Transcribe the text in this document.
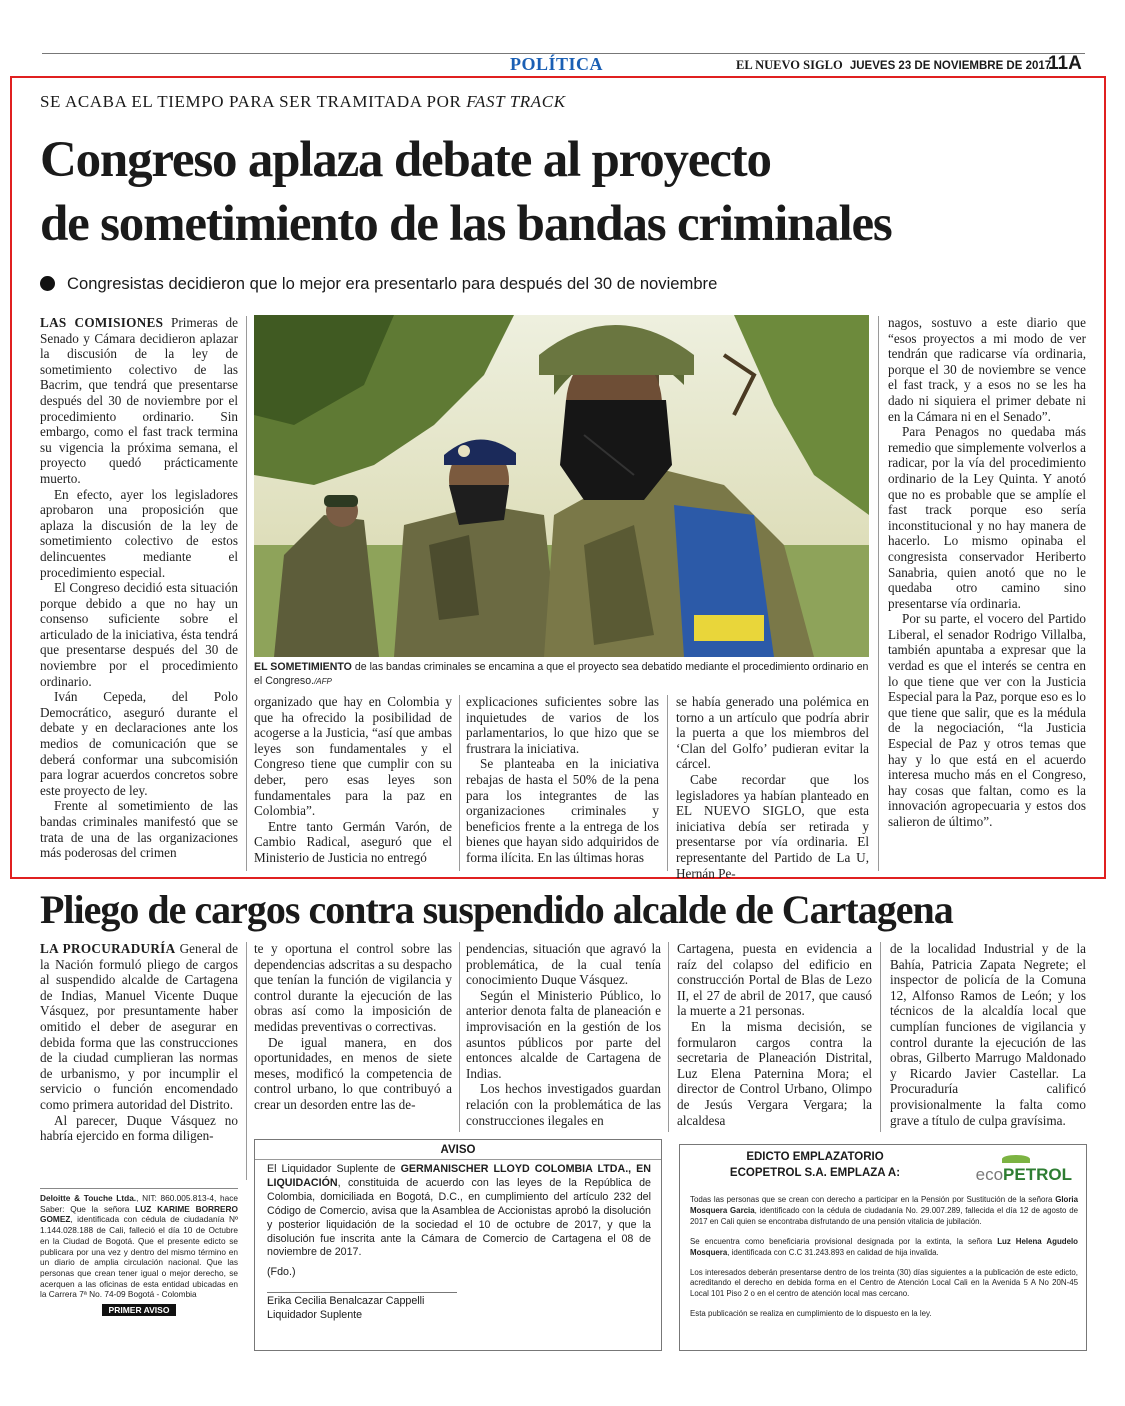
POLÍTICA	EL NUEVO SIGLO JUEVES 23 DE NOVIEMBRE DE 2017
11A
SE ACABA EL TIEMPO PARA SER TRAMITADA POR FAST TRACK
Congreso aplaza debate al proyecto
de sometimiento de las bandas criminales
Congresistas decidieron que lo mejor era presentarlo para después del 30 de noviembre

LAS COMISIONES Primeras de Senado y Cámara decidieron aplazar la discusión de la ley de sometimiento colectivo de las Bacrim, que tendrá que presentarse después del 30 de noviembre por el procedimiento ordinario. Sin embargo, como el fast track termina su vigencia la próxima semana, el proyecto quedó prácticamente muerto.

En efecto, ayer los legisladores aprobaron una proposición que aplaza la discusión de la ley de sometimiento colectivo de estos delincuentes mediante el procedimiento especial.

El Congreso decidió esta situación porque debido a que no hay un consenso suficiente sobre el articulado de la iniciativa, ésta tendrá que presentarse después del 30 de noviembre por el procedimiento ordinario.

Iván Cepeda, del Polo Democrático, aseguró durante el debate y en declaraciones ante los medios de comunicación que se deberá conformar una subcomisión para lograr acuerdos concretos sobre este proyecto de ley.

Frente al sometimiento de las bandas criminales manifestó que se trata de una de las organizaciones más poderosas del crimen

EL SOMETIMIENTO de las bandas criminales se encamina a que el proyecto sea debatido mediante el procedimiento ordinario en el Congreso./AFP

organizado que hay en Colombia y que ha ofrecido la posibilidad de acogerse a la Justicia, “así que ambas leyes son fundamentales y el Congreso tiene que cumplir con su deber, pero esas leyes son fundamentales para la paz en Colombia”.

Entre tanto Germán Varón, de Cambio Radical, aseguró que el Ministerio de Justicia no entregó

explicaciones suficientes sobre las inquietudes de varios de los parlamentarios, lo que hizo que se frustrara la iniciativa.

Se planteaba en la iniciativa rebajas de hasta el 50% de la pena para los integrantes de las organizaciones criminales y beneficios frente a la entrega de los bienes que hayan sido adquiridos de forma ilícita. En las últimas horas

se había generado una polémica en torno a un artículo que podría abrir la puerta a que los miembros del ‘Clan del Golfo’ pudieran evitar la cárcel.

Cabe recordar que los legisladores ya habían planteado en EL NUEVO SIGLO, que esta iniciativa debía ser retirada y presentarse por vía ordinaria. El representante del Partido de La U, Hernán Pe-

nagos, sostuvo a este diario que “esos proyectos a mi modo de ver tendrán que radicarse vía ordinaria, porque el 30 de noviembre se vence el fast track, y a esos no se les ha dado ni siquiera el primer debate ni en la Cámara ni en el Senado”.

Para Penagos no quedaba más remedio que simplemente volverlos a radicar, por la vía del procedimiento ordinario de la Ley Quinta. Y anotó que no es probable que se amplíe el fast track porque eso sería inconstitucional y no hay manera de hacerlo. Lo mismo opinaba el congresista conservador Heriberto Sanabria, quien anotó que no le quedaba otro camino sino presentarse vía ordinaria.

Por su parte, el vocero del Partido Liberal, el senador Rodrigo Villalba, también apuntaba a expresar que la verdad es que el interés se centra en lo que tiene que ver con la Justicia Especial para la Paz, porque eso es lo que tiene que salir, que es la médula de la negociación, “la Justicia Especial de Paz y otros temas que hay y lo que está en el acuerdo interesa mucho más en el Congreso, hay cosas que faltan, como es la innovación agropecuaria y estos dos salieron de último”.

Pliego de cargos contra suspendido alcalde de Cartagena

LA PROCURADURÍA General de la Nación formuló pliego de cargos al suspendido alcalde de Cartagena de Indias, Manuel Vicente Duque Vásquez, por presuntamente haber omitido el deber de asegurar en debida forma que las construcciones de la ciudad cumplieran las normas de urbanismo, y por incumplir el servicio o función encomendado como primera autoridad del Distrito.

Al parecer, Duque Vásquez no habría ejercido en forma diligen-

te y oportuna el control sobre las dependencias adscritas a su despacho que tenían la función de vigilancia y control durante la ejecución de las obras así como la imposición de medidas preventivas o correctivas.

De igual manera, en dos oportunidades, en menos de siete meses, modificó la competencia de control urbano, lo que contribuyó a crear un desorden entre las de-

pendencias, situación que agravó la problemática, de la cual tenía conocimiento Duque Vásquez.

Según el Ministerio Público, lo anterior denota falta de planeación e improvisación en la gestión de los asuntos públicos por parte del entonces alcalde de Cartagena de Indias.

Los hechos investigados guardan relación con la problemática de las construcciones ilegales en

Cartagena, puesta en evidencia a raíz del colapso del edificio en construcción Portal de Blas de Lezo II, el 27 de abril de 2017, que causó la muerte a 21 personas.

En la misma decisión, se formularon cargos contra la secretaria de Planeación Distrital, Luz Elena Paternina Mora; el director de Control Urbano, Olimpo de Jesús Vergara Vergara; la alcaldesa

de la localidad Industrial y de la Bahía, Patricia Zapata Negrete; el inspector de policía de la Comuna 12, Alfonso Ramos de León; y los técnicos de la alcaldía local que cumplían funciones de vigilancia y control durante la ejecución de las obras, Gilberto Marrugo Maldonado y Ricardo Javier Castellar. La Procuraduría calificó provisionalmente la falta como grave a título de culpa gravísima.

Deloitte & Touche Ltda., NIT: 860.005.813-4, hace Saber: Que la señora LUZ KARIME BORRERO GOMEZ, identificada con cédula de ciudadanía Nº 1.144.028.188 de Cali, falleció el día 10 de Octubre en la Ciudad de Bogotá. Que el presente edicto se publicara por una vez y dentro del mismo término en un diario de amplia circulación nacional. Que las personas que crean tener igual o mejor derecho, se acerquen a las oficinas de esta entidad ubicadas en la Carrera 7ª No. 74-09 Bogotá - Colombia
PRIMER AVISO
AVISO
El Liquidador Suplente de GERMANISCHER LLOYD COLOMBIA LTDA., EN LIQUIDACIÓN, constituida de acuerdo con las leyes de la República de Colombia, domiciliada en Bogotá, D.C., en cumplimiento del artículo 232 del Código de Comercio, avisa que la Asamblea de Accionistas aprobó la disolución y posterior liquidación de la sociedad el 10 de octubre de 2017, y que la disolución fue inscrita ante la Cámara de Comercio de Cartagena el 08 de noviembre de 2017.
(Fdo.)
Erika Cecilia Benalcazar Cappelli
Liquidador Suplente
EDICTO EMPLAZATORIO
ECOPETROL S.A. EMPLAZA A:	ecoPETROL
Todas las personas que se crean con derecho a participar en la Pensión por Sustitución de la señora Gloria Mosquera Garcia, identificado con la cédula de ciudadanía No. 29.007.289, fallecida el día 12 de agosto de 2017 en Cali quien se encontraba disfrutando de una pensión vitalicia de jubilación.
Se encuentra como beneficiaria provisional designada por la extinta, la señora Luz Helena Agudelo Mosquera, identificada con C.C 31.243.893 en calidad de hija invalida.
Los interesados deberán presentarse dentro de los treinta (30) días siguientes a la publicación de este edicto, acreditando el derecho en debida forma en el Centro de Atención Local Cali en la Avenida 5 A No 20N-45 Local 101 Piso 2 o en el centro de atención local mas cercano.
Esta publicación se realiza en cumplimiento de lo dispuesto en la ley.
